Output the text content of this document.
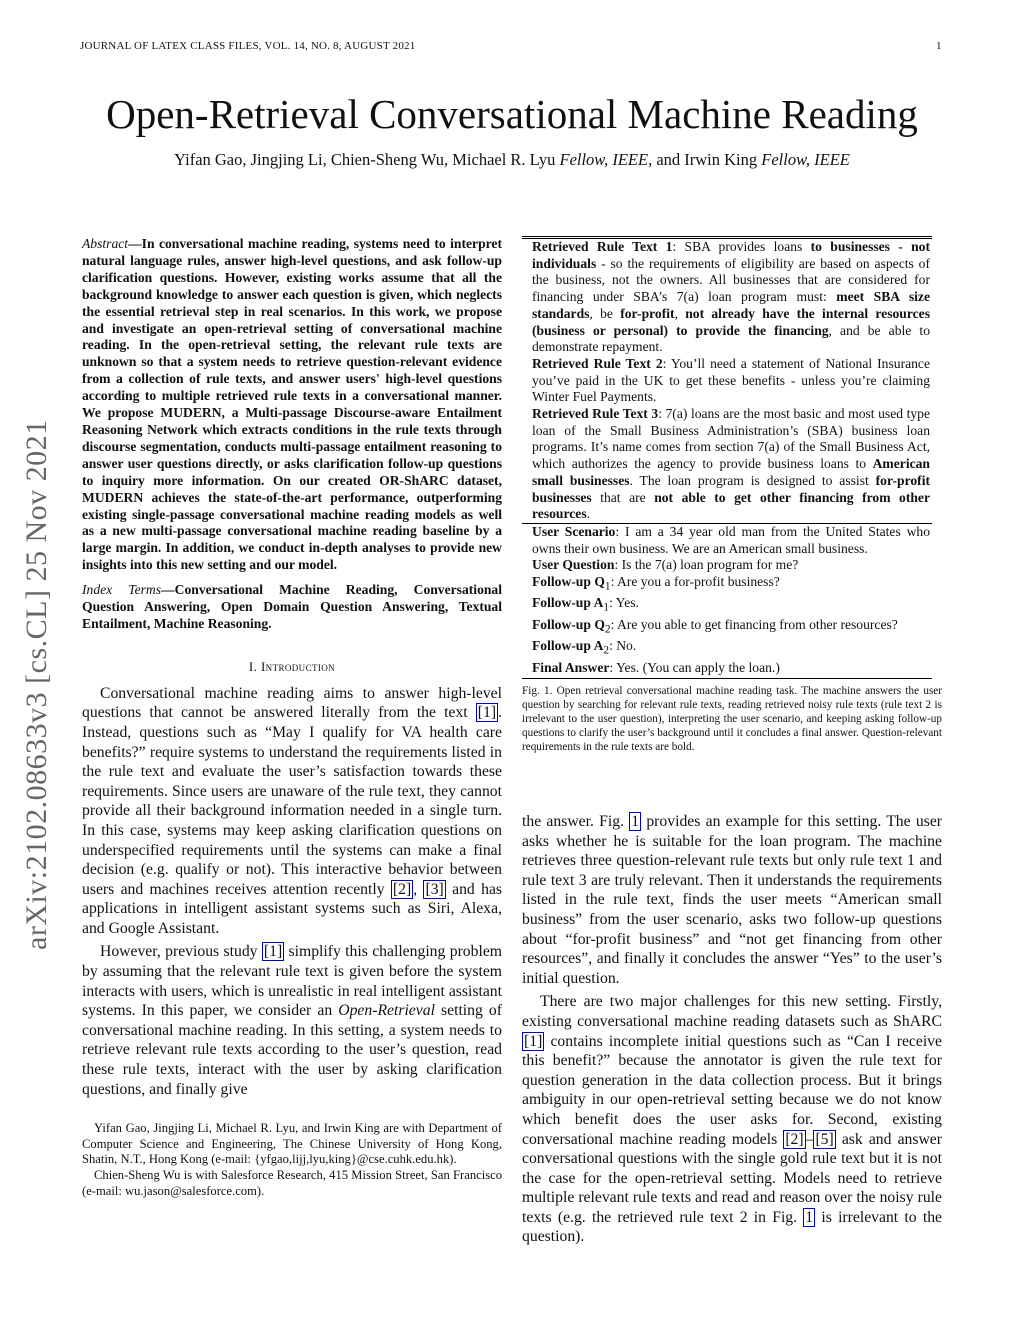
JOURNAL OF LATEX CLASS FILES, VOL. 14, NO. 8, AUGUST 2021	1
Open-Retrieval Conversational Machine Reading
Yifan Gao, Jingjing Li, Chien-Sheng Wu, Michael R. Lyu Fellow, IEEE, and Irwin King Fellow, IEEE
arXiv:2102.08633v3 [cs.CL] 25 Nov 2021
Abstract—In conversational machine reading, systems need to interpret natural language rules, answer high-level questions, and ask follow-up clarification questions. However, existing works assume that all the background knowledge to answer each question is given, which neglects the essential retrieval step in real scenarios. In this work, we propose and investigate an open-retrieval setting of conversational machine reading. In the open-retrieval setting, the relevant rule texts are unknown so that a system needs to retrieve question-relevant evidence from a collection of rule texts, and answer users' high-level questions according to multiple retrieved rule texts in a conversational manner. We propose MUDERN, a Multi-passage Discourse-aware Entailment Reasoning Network which extracts conditions in the rule texts through discourse segmentation, conducts multi-passage entailment reasoning to answer user questions directly, or asks clarification follow-up questions to inquiry more information. On our created OR-ShARC dataset, MUDERN achieves the state-of-the-art performance, outperforming existing single-passage conversational machine reading models as well as a new multi-passage conversational machine reading baseline by a large margin. In addition, we conduct in-depth analyses to provide new insights into this new setting and our model.
Index Terms—Conversational Machine Reading, Conversational Question Answering, Open Domain Question Answering, Textual Entailment, Machine Reasoning.
I. Introduction

Conversational machine reading aims to answer high-level questions that cannot be answered literally from the text [1] . Instead, questions such as “May I qualify for VA health care benefits?” require systems to understand the requirements listed in the rule text and evaluate the user’s satisfaction towards these requirements. Since users are unaware of the rule text, they cannot provide all their background information needed in a single turn. In this case, systems may keep asking clarification questions on underspecified requirements until the systems can make a final decision (e.g. qualify or not). This interactive behavior between users and machines receives attention recently [2] , [3] and has applications in intelligent assistant systems such as Siri, Alexa, and Google Assistant.

However, previous study [1] simplify this challenging problem by assuming that the relevant rule text is given before the system interacts with users, which is unrealistic in real intelligent assistant systems. In this paper, we consider an Open-Retrieval setting of conversational machine reading. In this setting, a system needs to retrieve relevant rule texts according to the user’s question, read these rule texts, interact with the user by asking clarification questions, and finally give

Yifan Gao, Jingjing Li, Michael R. Lyu, and Irwin King are with Department of Computer Science and Engineering, The Chinese University of Hong Kong, Shatin, N.T., Hong Kong (e-mail: {yfgao,lijj,lyu,king}@cse.cuhk.edu.hk).

Chien-Sheng Wu is with Salesforce Research, 415 Mission Street, San Francisco (e-mail: wu.jason@salesforce.com).

Retrieved Rule Text 1: SBA provides loans to businesses - not individuals - so the requirements of eligibility are based on aspects of the business, not the owners. All businesses that are considered for financing under SBA’s 7(a) loan program must: meet SBA size standards, be for-profit, not already have the internal resources (business or personal) to provide the financing, and be able to demonstrate repayment.

Retrieved Rule Text 2: You’ll need a statement of National Insurance you’ve paid in the UK to get these benefits - unless you’re claiming Winter Fuel Payments.

Retrieved Rule Text 3: 7(a) loans are the most basic and most used type loan of the Small Business Administration’s (SBA) business loan programs. It’s name comes from section 7(a) of the Small Business Act, which authorizes the agency to provide business loans to American small businesses. The loan program is designed to assist for-profit businesses that are not able to get other financing from other resources.

User Scenario: I am a 34 year old man from the United States who owns their own business. We are an American small business.

User Question: Is the 7(a) loan program for me?

Follow-up $Q_1$: Are you a for-profit business?

Follow-up $A_1$: Yes.

Follow-up $Q_2$: Are you able to get financing from other resources?

Follow-up $A_2$: No.

Final Answer: Yes. (You can apply the loan.)

Fig. 1. Open retrieval conversational machine reading task. The machine answers the user question by searching for relevant rule texts, reading retrieved noisy rule texts (rule text 2 is irrelevant to the user question), interpreting the user scenario, and keeping asking follow-up questions to clarify the user’s background until it concludes a final answer. Question-relevant requirements in the rule texts are bold.

the answer. Fig. 1 provides an example for this setting. The user asks whether he is suitable for the loan program. The machine retrieves three question-relevant rule texts but only rule text 1 and rule text 3 are truly relevant. Then it understands the requirements listed in the rule text, finds the user meets “American small business” from the user scenario, asks two follow-up questions about “for-profit business” and “not get financing from other resources”, and finally it concludes the answer “Yes” to the user’s initial question.

There are two major challenges for this new setting. Firstly, existing conversational machine reading datasets such as ShARC [1] contains incomplete initial questions such as “Can I receive this benefit?” because the annotator is given the rule text for question generation in the data collection process. But it brings ambiguity in our open-retrieval setting because we do not know which benefit does the user asks for. Second, existing conversational machine reading models [2] – [5] ask and answer conversational questions with the single gold rule text but it is not the case for the open-retrieval setting. Models need to retrieve multiple relevant rule texts and read and reason over the noisy rule texts (e.g. the retrieved rule text 2 in Fig. 1 is irrelevant to the question).
